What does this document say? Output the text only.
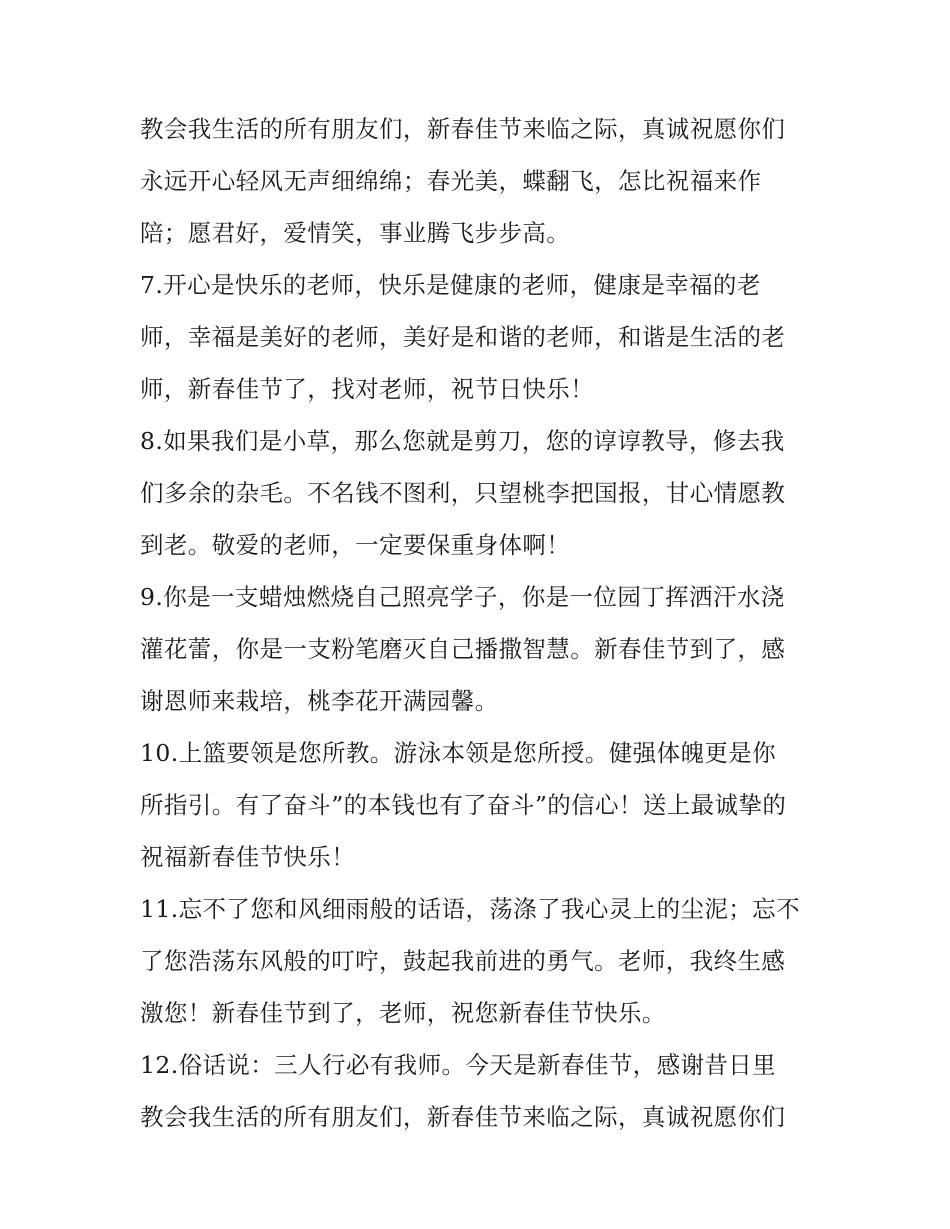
教会我生活的所有朋友们，新春佳节来临之际，真诚祝愿你们
永远开心轻风无声细绵绵；春光美，蝶翻飞，怎比祝福来作
陪；愿君好，爱情笑，事业腾飞步步高。
7.开心是快乐的老师，快乐是健康的老师，健康是幸福的老
师，幸福是美好的老师，美好是和谐的老师，和谐是生活的老
师，新春佳节了，找对老师，祝节日快乐！
8.如果我们是小草，那么您就是剪刀，您的谆谆教导，修去我
们多余的杂毛。不名钱不图利，只望桃李把国报，甘心情愿教
到老。敬爱的老师，一定要保重身体啊！
9.你是一支蜡烛燃烧自己照亮学子，你是一位园丁挥洒汗水浇
灌花蕾，你是一支粉笔磨灭自己播撒智慧。新春佳节到了，感
谢恩师来栽培，桃李花开满园馨。
10.上篮要领是您所教。游泳本领是您所授。健强体魄更是你
所指引。有了奋斗”的本钱也有了奋斗”的信心！送上最诚挚的
祝福新春佳节快乐！
11.忘不了您和风细雨般的话语，荡涤了我心灵上的尘泥；忘不
了您浩荡东风般的叮咛，鼓起我前进的勇气。老师，我终生感
激您！新春佳节到了，老师，祝您新春佳节快乐。
12.俗话说：三人行必有我师。今天是新春佳节，感谢昔日里
教会我生活的所有朋友们，新春佳节来临之际，真诚祝愿你们
